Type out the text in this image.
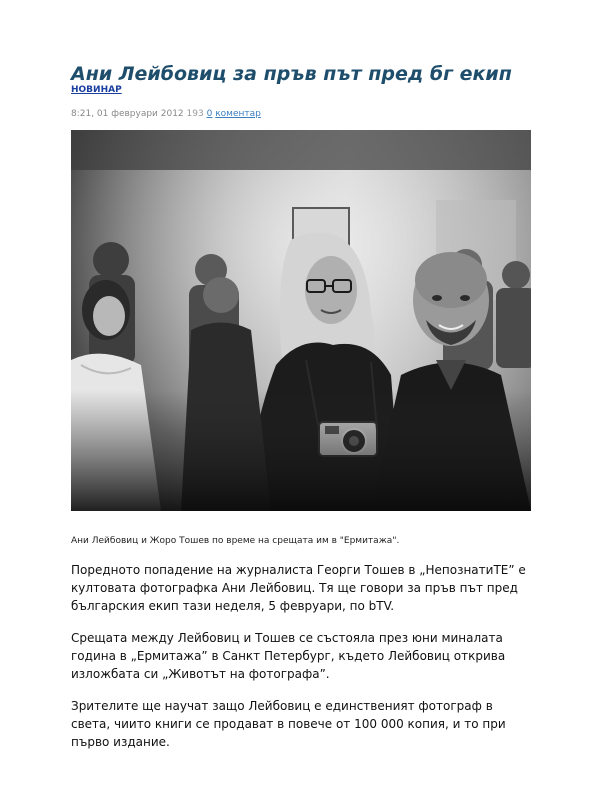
Ани Лейбовиц за пръв път пред бг екип
НОВИНАР
8:21, 01 февруари 2012 193 0 коментар
Ани Лейбовиц и Жоро Тошев по време на срещата им в "Ермитажа".

Поредното попадение на журналиста Георги Тошев в „НепознатиТЕ” е култовата фотографка Ани Лейбовиц. Тя ще говори за пръв път пред българския екип тази неделя, 5 февруари, по bTV.

Срещата между Лейбовиц и Тошев се състояла през юни миналата година в „Ермитажа” в Санкт Петербург, където Лейбовиц открива изложбата си „Животът на фотографа”.

Зрителите ще научат защо Лейбовиц е единственият фотограф в света, чиито книги се продават в повече от 100 000 копия, и то при първо издание.
